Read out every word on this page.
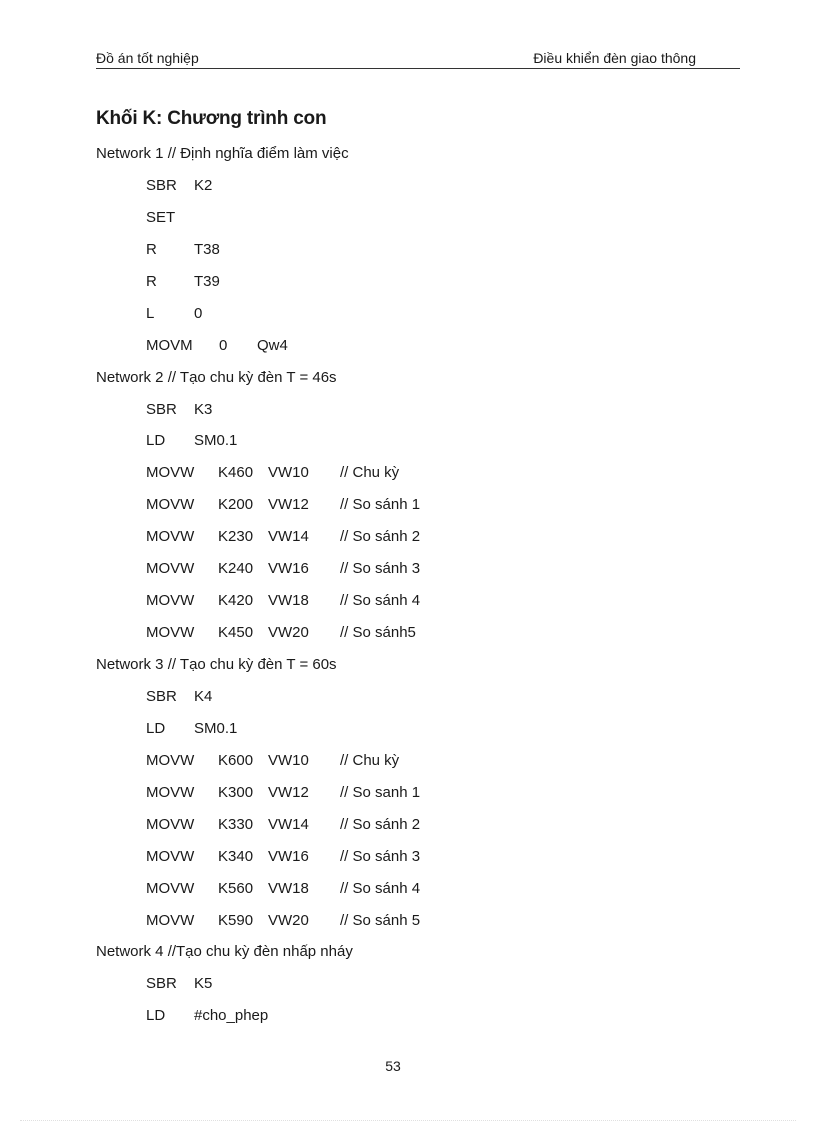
Đồ án tốt nghiệp	Điều khiển đèn giao thông
Khối K: Chương trình con
Network 1 // Định nghĩa điểm làm việc
SBR K2
SET
R T38
R T39
L	0
MOVM 0 Qw4
Network 2 // Tạo chu kỳ đèn T = 46s
SBR K3
LD SM0.1
MOVW K460 VW10 // Chu kỳ
MOVW K200 VW12 // So sánh 1
MOVW K230 VW14 // So sánh 2
MOVW K240 VW16 // So sánh 3
MOVW K420 VW18 // So sánh 4
MOVW K450 VW20 // So sánh5
Network 3 // Tạo chu kỳ đèn T = 60s
SBR K4
LD SM0.1
MOVW K600 VW10 // Chu kỳ
MOVW K300 VW12 // So sanh 1
MOVW K330 VW14 // So sánh 2
MOVW K340 VW16 // So sánh 3
MOVW K560 VW18 // So sánh 4
MOVW K590 VW20 // So sánh 5
Network 4 //Tạo chu kỳ đèn nhấp nháy
SBR K5
LD #cho_phep
53
